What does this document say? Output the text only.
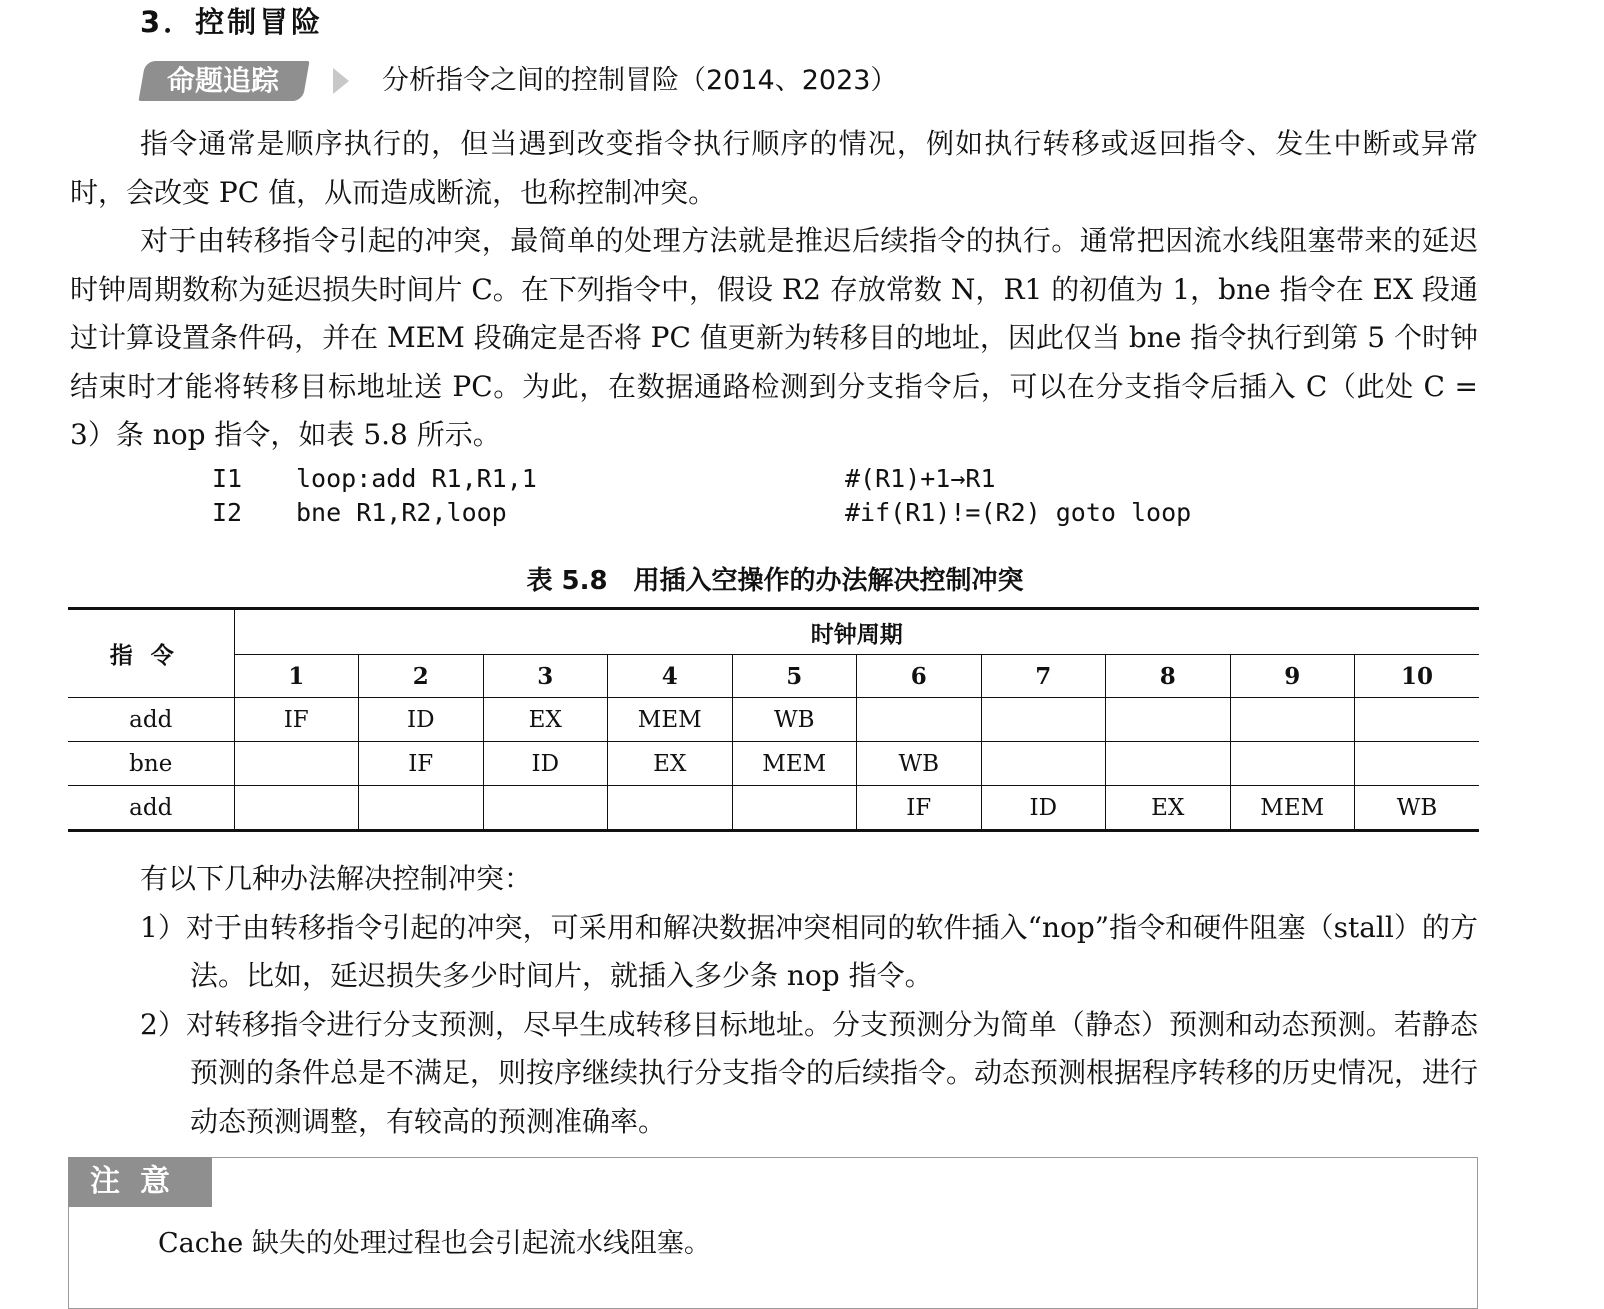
3．控制冒险
命题追踪	分析指令之间的控制冒险（2014、2023）

指令通常是顺序执行的，但当遇到改变指令执行顺序的情况，例如执行转移或返回指令、发生中断或异常时，会改变 PC 值，从而造成断流，也称控制冲突。

对于由转移指令引起的冲突，最简单的处理方法就是推迟后续指令的执行。通常把因流水线阻塞带来的延迟时钟周期数称为延迟损失时间片 C。在下列指令中，假设 R2 存放常数 N，R1 的初值为 1，bne 指令在 EX 段通过计算设置条件码，并在 MEM 段确定是否将 PC 值更新为转移目的地址，因此仅当 bne 指令执行到第 5 个时钟结束时才能将转移目标地址送 PC。为此，在数据通路检测到分支指令后，可以在分支指令后插入 C（此处 C = 3）条 nop 指令，如表 5.8 所示。

I1 loop:add R1,R1,1	#(R1)+1→R1
I2 bne R1,R2,loop	#if(R1)!=(R2) goto loop
表 5.8　用插入空操作的办法解决控制冲突
指令	时钟周期									
	1	2	3	4	5	6	7	8	9	10
add	IF	ID	EX	MEM	WB					
bne		IF	ID	EX	MEM	WB				
add						IF	ID	EX	MEM	WB

有以下几种办法解决控制冲突：

1）对于由转移指令引起的冲突，可采用和解决数据冲突相同的软件插入“nop”指令和硬件阻塞（stall）的方法。比如，延迟损失多少时间片，就插入多少条 nop 指令。

2）对转移指令进行分支预测，尽早生成转移目标地址。分支预测分为简单（静态）预测和动态预测。若静态预测的条件总是不满足，则按序继续执行分支指令的后续指令。动态预测根据程序转移的历史情况，进行动态预测调整，有较高的预测准确率。

注意
Cache 缺失的处理过程也会引起流水线阻塞。
